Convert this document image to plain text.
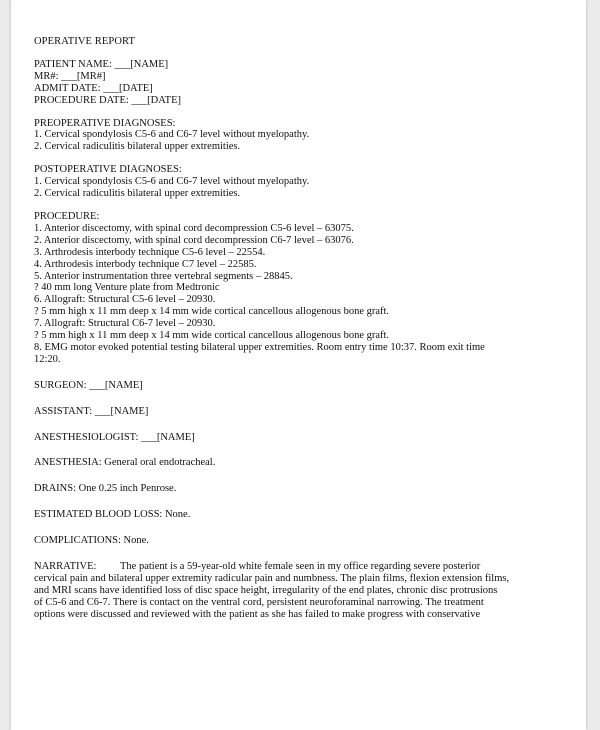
OPERATIVE REPORT
PATIENT NAME: ___[NAME]
MR#: ___[MR#]
ADMIT DATE: ___[DATE]
PROCEDURE DATE: ___[DATE]
PREOPERATIVE DIAGNOSES:
1. Cervical spondylosis C5-6 and C6-7 level without myelopathy.
2. Cervical radiculitis bilateral upper extremities.
POSTOPERATIVE DIAGNOSES:
1. Cervical spondylosis C5-6 and C6-7 level without myelopathy.
2. Cervical radiculitis bilateral upper extremities.
PROCEDURE:
1. Anterior discectomy, with spinal cord decompression C5-6 level – 63075.
2. Anterior discectomy, with spinal cord decompression C6-7 level – 63076.
3. Arthrodesis interbody technique C5-6 level – 22554.
4. Arthrodesis interbody technique C7 level – 22585.
5. Anterior instrumentation three vertebral segments – 28845.
? 40 mm long Venture plate from Medtronic
6. Allograft: Structural C5-6 level – 20930.
? 5 mm high x 11 mm deep x 14 mm wide cortical cancellous allogenous bone graft.
7. Allograft: Structural C6-7 level – 20930.
? 5 mm high x 11 mm deep x 14 mm wide cortical cancellous allogenous bone graft.
8. EMG motor evoked potential testing bilateral upper extremities. Room entry time 10:37. Room exit time
12:20.
SURGEON: ___[NAME]
ASSISTANT: ___[NAME]
ANESTHESIOLOGIST: ___[NAME]
ANESTHESIA: General oral endotracheal.
DRAINS: One 0.25 inch Penrose.
ESTIMATED BLOOD LOSS: None.
COMPLICATIONS: None.
NARRATIVE: The patient is a 59-year-old white female seen in my office regarding severe posterior
cervical pain and bilateral upper extremity radicular pain and numbness. The plain films, flexion extension films,
and MRI scans have identified loss of disc space height, irregularity of the end plates, chronic disc protrusions
of C5-6 and C6-7. There is contact on the ventral cord, persistent neuroforaminal narrowing. The treatment
options were discussed and reviewed with the patient as she has failed to make progress with conservative
